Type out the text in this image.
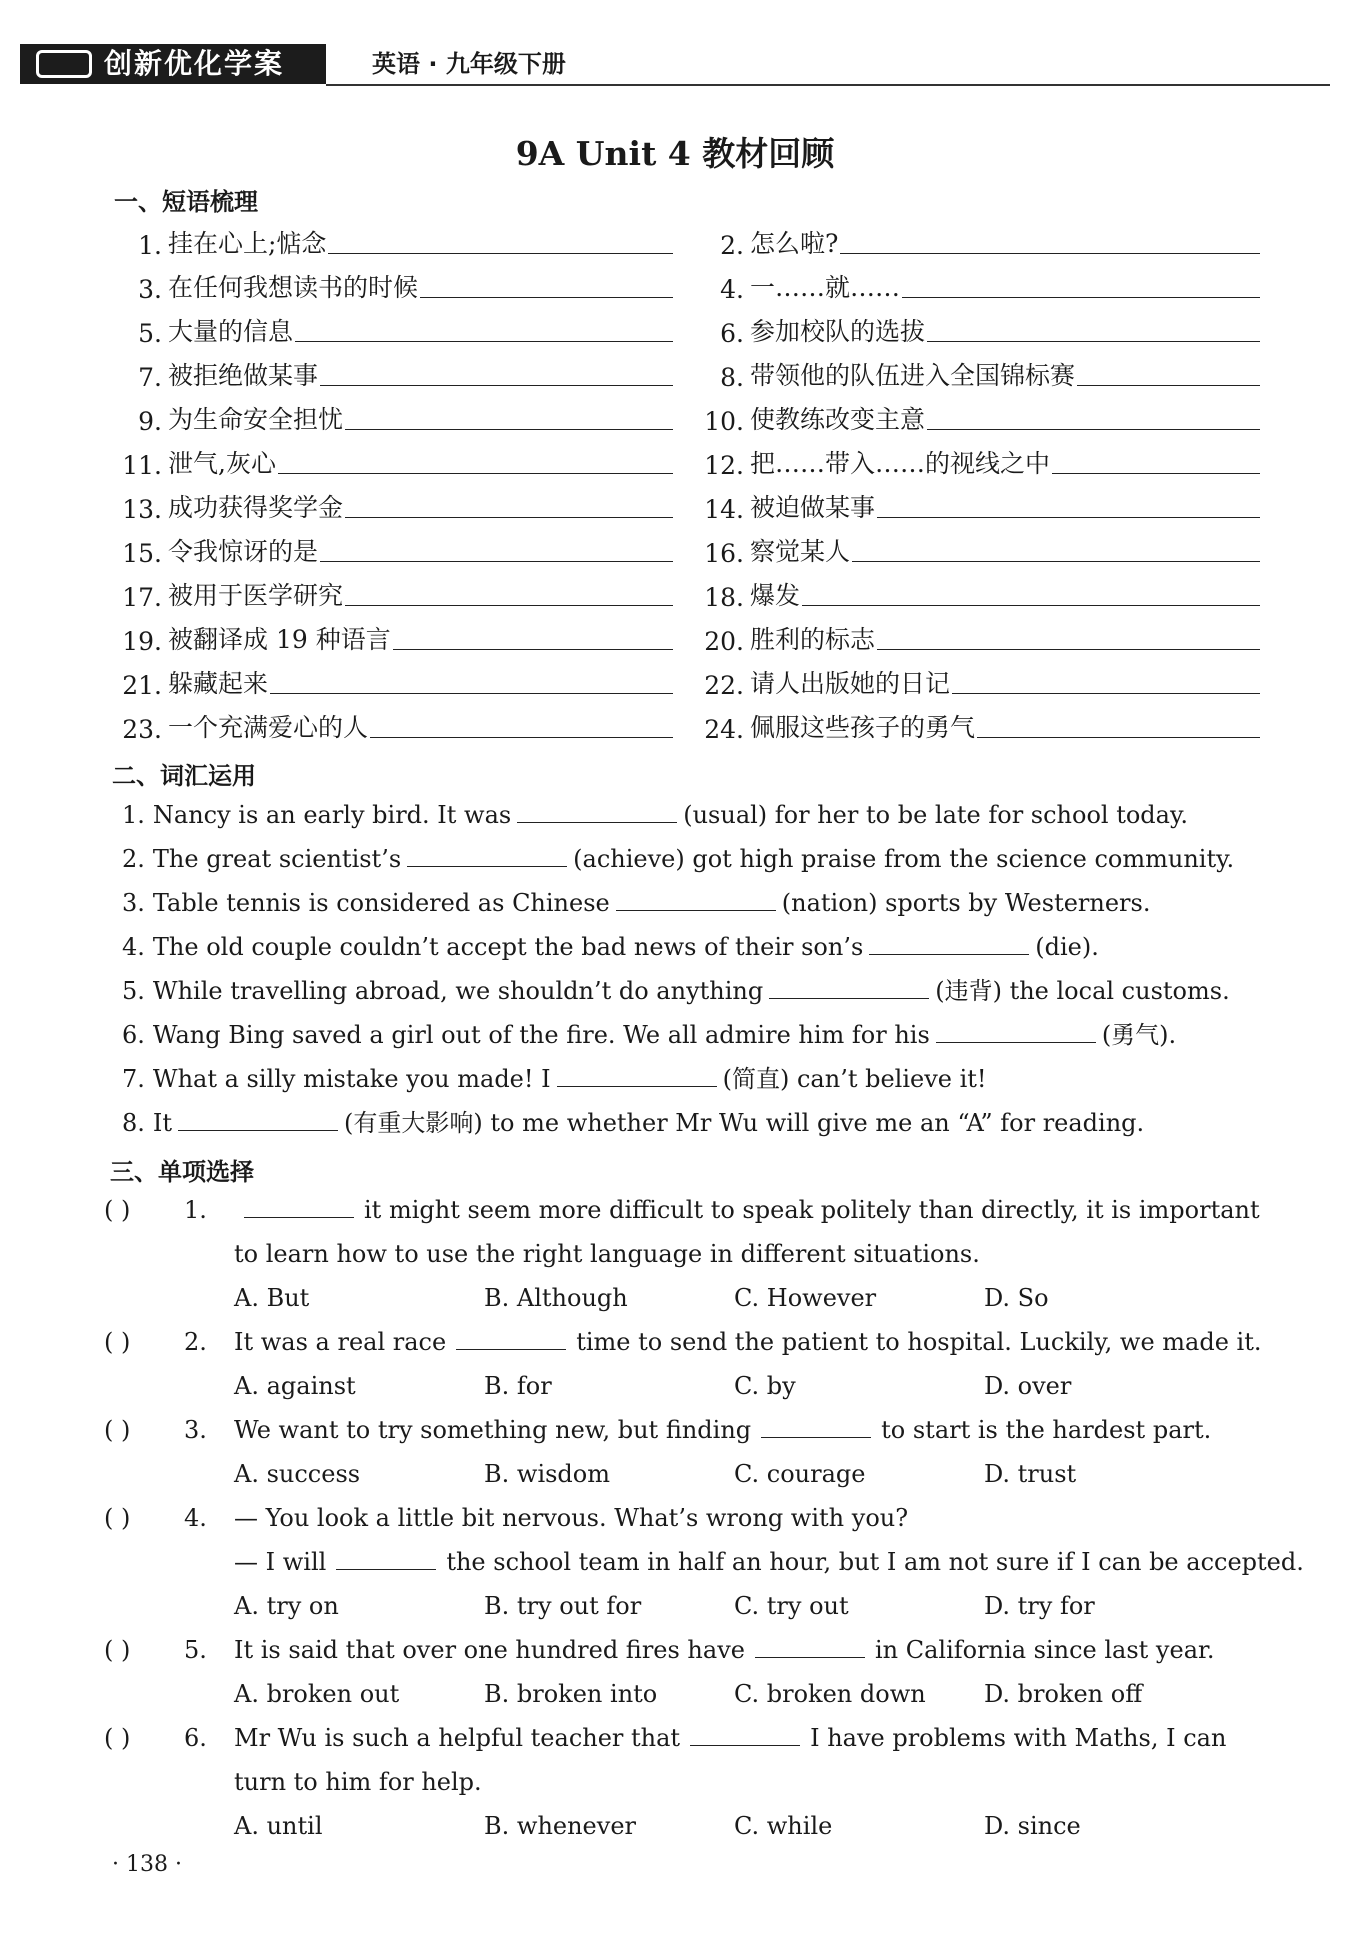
创新优化学案	英语 · 九年级下册
9A Unit 4 教材回顾
一、短语梳理
1. 挂在心上;惦念	2. 怎么啦?
3. 在任何我想读书的时候	4. 一……就……
5. 大量的信息	6. 参加校队的选拔
7. 被拒绝做某事	8. 带领他的队伍进入全国锦标赛
9. 为生命安全担忧	10. 使教练改变主意
11. 泄气,灰心	12. 把……带入……的视线之中
13. 成功获得奖学金	14. 被迫做某事
15. 令我惊讶的是	16. 察觉某人
17. 被用于医学研究	18. 爆发
19. 被翻译成 19 种语言	20. 胜利的标志
21. 躲藏起来	22. 请人出版她的日记
23. 一个充满爱心的人	24. 佩服这些孩子的勇气
二、词汇运用
1. Nancy is an early bird. It was	(usual) for her to be late for school today.
2. The great scientist’s	(achieve) got high praise from the science community.
3. Table tennis is considered as Chinese	(nation) sports by Westerners.
4. The old couple couldn’t accept the bad news of their son’s	(die).
5. While travelling abroad, we shouldn’t do anything	(违背) the local customs.
6. Wang Bing saved a girl out of the fire. We all admire him for his	(勇气).
7. What a silly mistake you made! I	(简直) can’t believe it!
8. It	(有重大影响) to me whether Mr Wu will give me an “A” for reading.
三、单项选择
( ) 1.	it might seem more difficult to speak politely than directly, it is important
to learn how to use the right language in different situations.
A. But	B. Although	C. However	D. So
( ) 2. It was a real race	time to send the patient to hospital. Luckily, we made it.
A. against	B. for	C. by	D. over
( ) 3. We want to try something new, but finding	to start is the hardest part.
A. success	B. wisdom	C. courage	D. trust
( ) 4. — You look a little bit nervous. What’s wrong with you?
— I will	the school team in half an hour, but I am not sure if I can be accepted.
A. try on	B. try out for	C. try out	D. try for
( ) 5. It is said that over one hundred fires have	in California since last year.
A. broken out	B. broken into	C. broken down D. broken off
( ) 6. Mr Wu is such a helpful teacher that	I have problems with Maths, I can
turn to him for help.
A. until	B. whenever	C. while	D. since
· 138 ·
